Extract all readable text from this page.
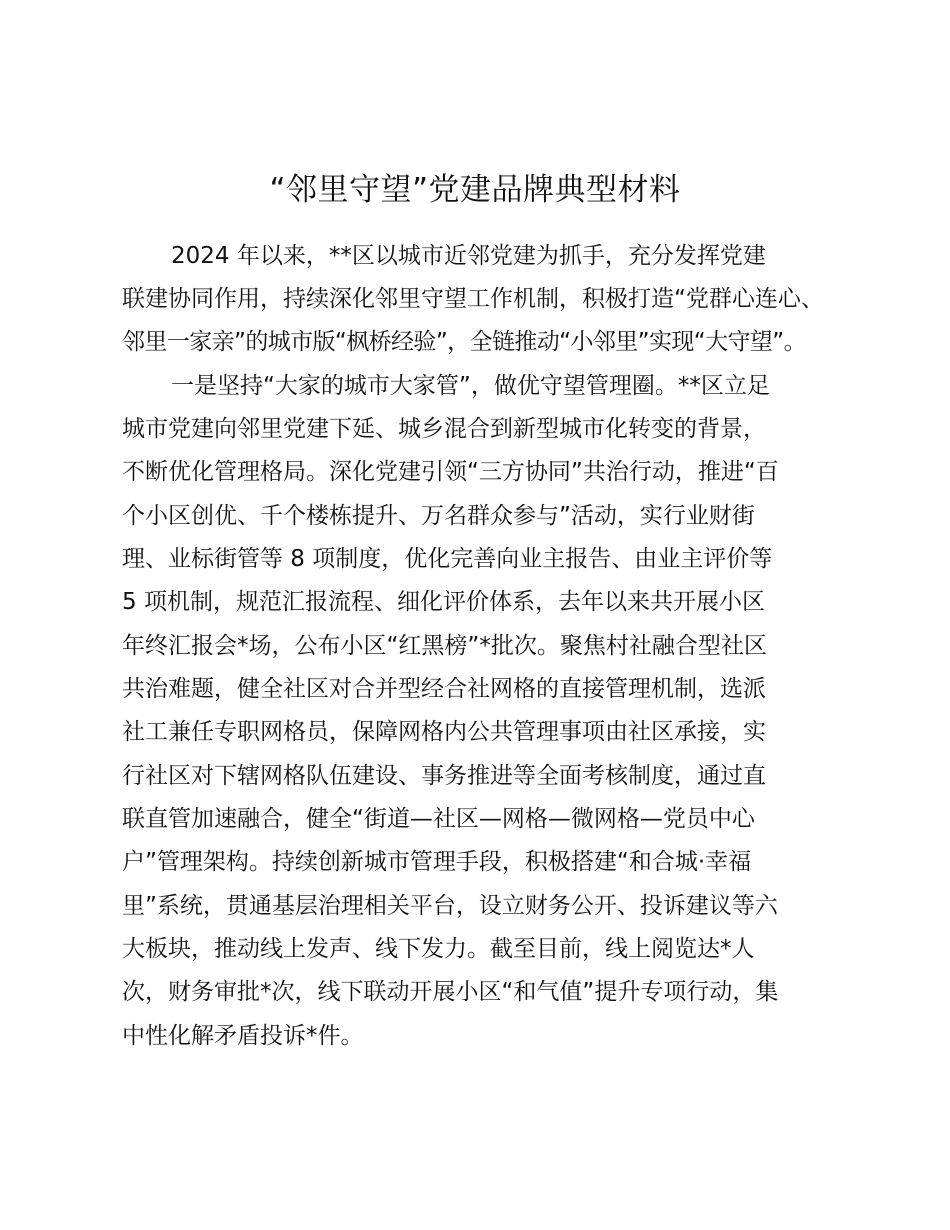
“邻里守望”党建品牌典型材料

2024 年以来，**区以城市近邻党建为抓手，充分发挥党建

联建协同作用，持续深化邻里守望工作机制，积极打造“党群心连心、

邻里一家亲”的城市版“枫桥经验”，全链推动“小邻里”实现“大守望”。

一是坚持“大家的城市大家管”，做优守望管理圈。**区立足

城市党建向邻里党建下延、城乡混合到新型城市化转变的背景，

不断优化管理格局。深化党建引领“三方协同”共治行动，推进“百

个小区创优、千个楼栋提升、万名群众参与”活动，实行业财街

理、业标街管等 8 项制度，优化完善向业主报告、由业主评价等

5 项机制，规范汇报流程、细化评价体系，去年以来共开展小区

年终汇报会*场，公布小区“红黑榜”*批次。聚焦村社融合型社区

共治难题，健全社区对合并型经合社网格的直接管理机制，选派

社工兼任专职网格员，保障网格内公共管理事项由社区承接，实

行社区对下辖网格队伍建设、事务推进等全面考核制度，通过直

联直管加速融合，健全“街道—社区—网格—微网格—党员中心

户”管理架构。持续创新城市管理手段，积极搭建“和合城·幸福

里”系统，贯通基层治理相关平台，设立财务公开、投诉建议等六

大板块，推动线上发声、线下发力。截至目前，线上阅览达*人

次，财务审批*次，线下联动开展小区“和气值”提升专项行动，集

中性化解矛盾投诉*件。
